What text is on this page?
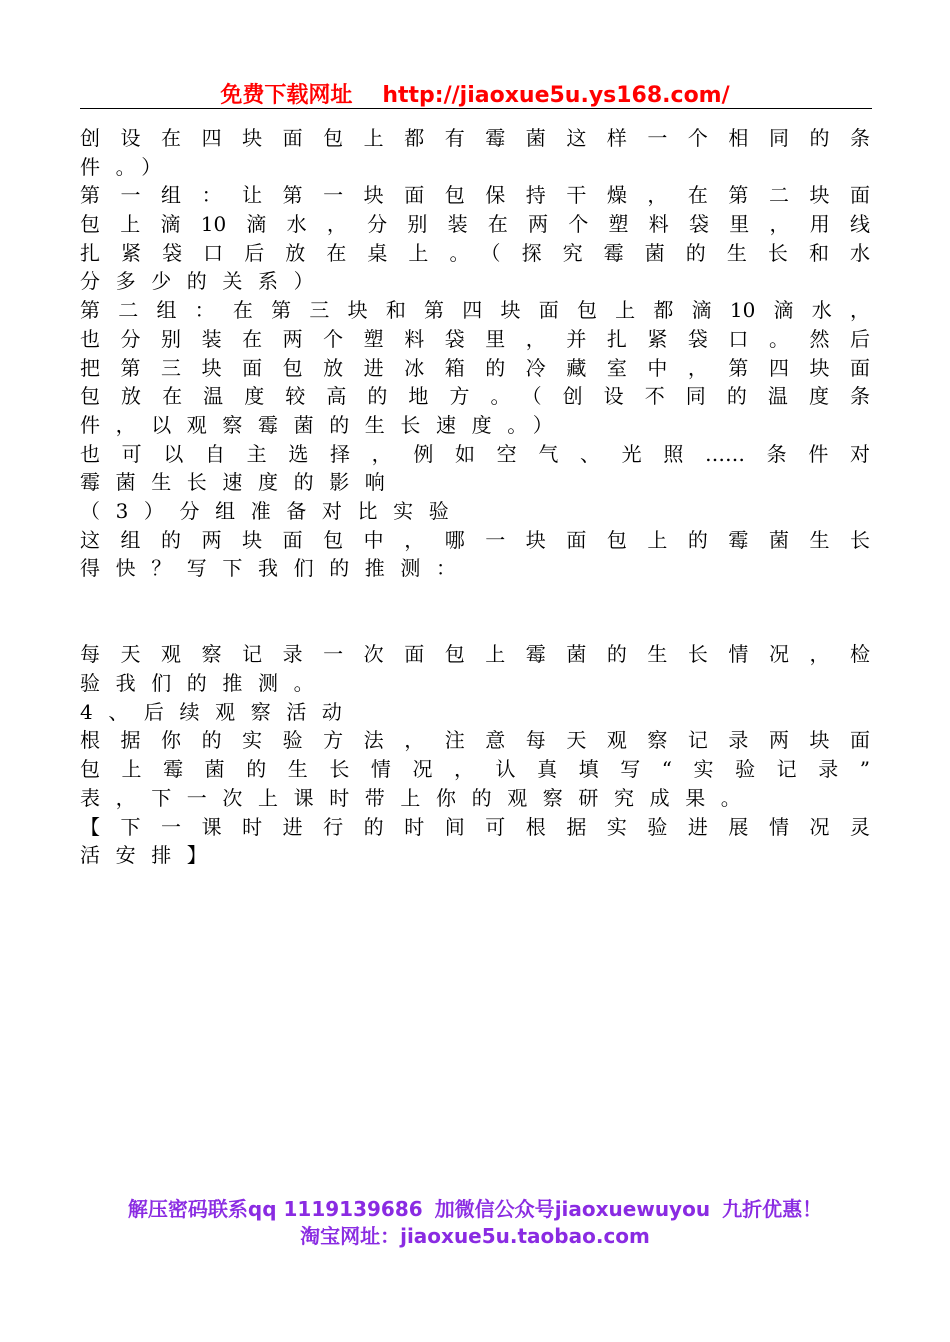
免费下载网址 http://jiaoxue5u.ys168.com/
创设在四块面包上都有霉菌这样一个相同的条
件。）
第一组：让第一块面包保持干燥，在第二块面
包上滴10滴水，分别装在两个塑料袋里，用线
扎紧袋口后放在桌上。（探究霉菌的生长和水
分多少的关系）
第二组：在第三块和第四块面包上都滴10滴水，
也分别装在两个塑料袋里，并扎紧袋口。然后
把第三块面包放进冰箱的冷藏室中，第四块面
包放在温度较高的地方。（创设不同的温度条
件，以观察霉菌的生长速度。）
也可以自主选择，例如空气、光照……条件对
霉菌生长速度的影响
（3）分组准备对比实验
这组的两块面包中，哪一块面包上的霉菌生长
得快？写下我们的推测：
每天观察记录一次面包上霉菌的生长情况，检
验我们的推测。
4、后续观察活动
根据你的实验方法，注意每天观察记录两块面
包上霉菌的生长情况，认真填写“实验记录”
表，下一次上课时带上你的观察研究成果。
【下一课时进行的时间可根据实验进展情况灵
活安排】
解压密码联系qq 1119139686 加微信公众号jiaoxuewuyou 九折优惠！
淘宝网址：jiaoxue5u.taobao.com
